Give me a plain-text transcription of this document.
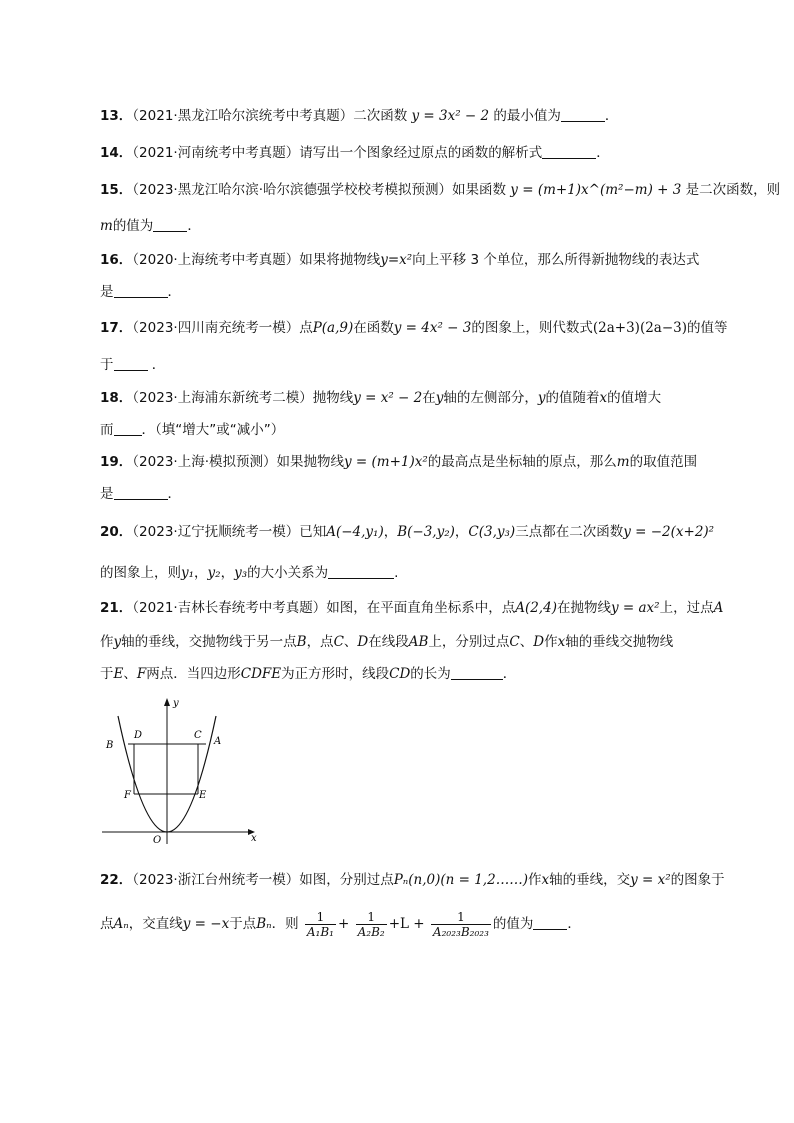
13．（2021·黑龙江哈尔滨统考中考真题）二次函数 y = 3x² − 2 的最小值为	．
14．（2021·河南统考中考真题）请写出一个图象经过原点的函数的解析式	．
15．（2023·黑龙江哈尔滨·哈尔滨德强学校校考模拟预测）如果函数 y = (m+1)x^(m²−m) + 3 是二次函数，则
m的值为	．
16．（2020·上海统考中考真题）如果将抛物线y=x²向上平移 3 个单位，那么所得新抛物线的表达式
是	．
17．（2023·四川南充统考一模）点P(a,9)在函数y = 4x² − 3的图象上，则代数式(2a+3)(2a−3)的值等
于	．
18．（2023·上海浦东新统考二模）抛物线y = x² − 2在y轴的左侧部分，y的值随着x的值增大
而 ．（填“增大”或“减小”）
19．（2023·上海·模拟预测）如果抛物线y = (m+1)x²的最高点是坐标轴的原点，那么m的取值范围
是	．
20．（2023·辽宁抚顺统考一模）已知A(−4,y₁)，B(−3,y₂)，C(3,y₃)三点都在二次函数y = −2(x+2)²
的图象上，则y₁，y₂，y₃的大小关系为	.
21．（2021·吉林长春统考中考真题）如图，在平面直角坐标系中，点A(2,4)在抛物线y = ax²上，过点A
作y轴的垂线，交抛物线于另一点B，点C、D在线段AB上，分别过点C、D作x轴的垂线交抛物线
于E、F两点．当四边形CDFE为正方形时，线段CD的长为	．
y
x
O
A
B
C
D
E
F
22．（2023·浙江台州统考一模）如图，分别过点Pₙ(n,0)(n = 1,2……)作x轴的垂线，交y = x²的图象于
点Aₙ，交直线y = −x于点Bₙ．则 $\frac{1}{\text{A₁B₁}} + \frac{1}{\text{A₂B₂}} +L + \frac{1}{\text{A₂₀₂₃B₂₀₂₃}}$ 的值为	．
